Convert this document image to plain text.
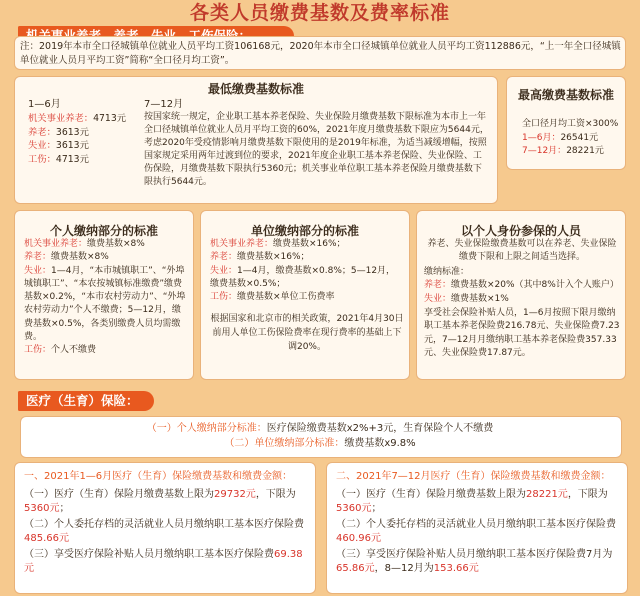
各类人员缴费基数及费率标准
注：2019年本市全口径城镇单位就业人员平均工资106168元，2020年本市全口径城镇单位就业人员平均工资112886元，“上一年全口径城镇单位就业人员月平均工资”简称“全口径月均工资”。
最低缴费基数标准
1—6月	7—12月
机关事业养老：4713元
养老：3613元
失业：3613元
工伤：4713元
按国家统一规定，企业职工基本养老保险、失业保险月缴费基数下限标准为本市上一年全口径城镇单位就业人员月平均工资的60%，2021年度月缴费基数下限应为5644元，考虑2020年受疫情影响月缴费基数下限使用的是2019年标准，为适当减缓增幅，按照国家规定采用两年过渡到位的要求，2021年度企业职工基本养老保险、失业保险、工伤保险，月缴费基数下限执行5360元；机关事业单位职工基本养老保险月缴费基数下限执行5644元。
最高缴费基数标准
全口径月均工资×300%
1—6月：26541元
7—12月：28221元
个人缴纳部分的标准
机关事业养老：缴费基数×8%
养老：缴费基数×8%
失业：1—4月，“本市城镇职工”、“外埠城镇职工”、“本农按城镇标准缴费”缴费基数×0.2%，“本市农村劳动力”、“外埠农村劳动力”个人不缴费；5—12月，缴费基数×0.5%，各类别缴费人员均需缴费。
工伤：个人不缴费
单位缴纳部分的标准
机关事业养老：缴费基数×16%；
养老：缴费基数×16%；
失业：1—4月，缴费基数×0.8%；5—12月，缴费基数×0.5%；
工伤：缴费基数×单位工伤费率
根据国家和北京市的相关政策，2021年4月30日前用人单位工伤保险费率在现行费率的基础上下调20%。
以个人身份参保的人员
养老、失业保险缴费基数可以在养老、失业保险缴费下限和上限之间适当选择。
缴纳标准：
养老：缴费基数×20%（其中8%计入个人账户）
失业：缴费基数×1%
享受社会保险补贴人员，1—6月按照下限月缴纳职工基本养老保险费216.78元、失业保险费7.23元，7—12月月缴纳职工基本养老保险费357.33元、失业保险费17.87元。
医疗（生育）保险：
（一）个人缴纳部分标准：医疗保险缴费基数x2%+3元，生育保险个人不缴费
（二）单位缴纳部分标准：缴费基数x9.8%
一、2021年1—6月医疗（生育）保险缴费基数和缴费金额：
（一）医疗（生育）保险月缴费基数上限为29732元，下限为5360元；
（二）个人委托存档的灵活就业人员月缴纳职工基本医疗保险费485.66元
（三）享受医疗保险补贴人员月缴纳职工基本医疗保险费69.38元
二、2021年7—12月医疗（生育）保险缴费基数和缴费金额：
（一）医疗（生育）保险月缴费基数上限为28221元，下限为5360元；
（二）个人委托存档的灵活就业人员月缴纳职工基本医疗保险费460.96元
（三）享受医疗保险补贴人员月缴纳职工基本医疗保险费7月为65.86元，8—12月为153.66元
